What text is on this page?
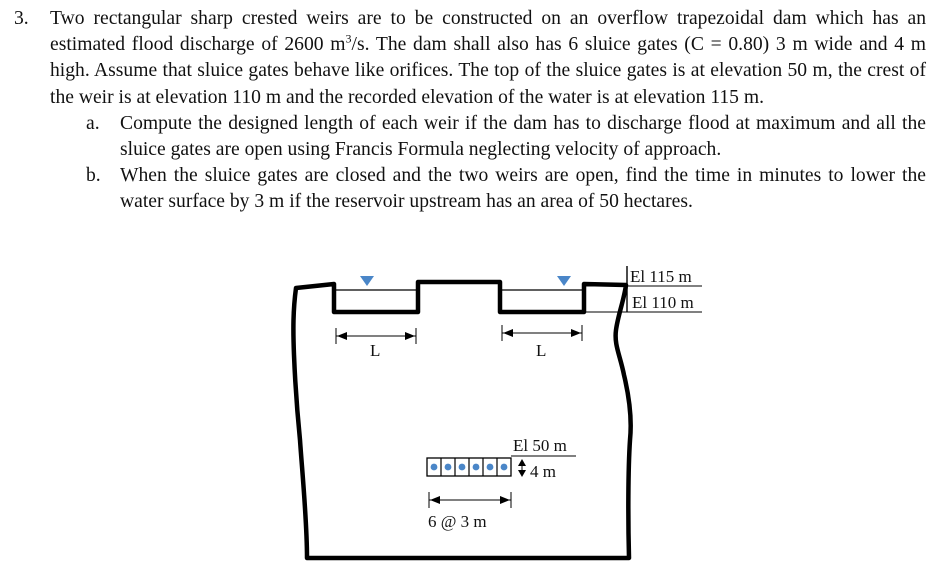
3. Two rectangular sharp crested weirs are to be constructed on an overflow trapezoidal dam which has an estimated flood discharge of 2600 $m^3/s$. The dam shall also has 6 sluice gates (C = 0.80) 3 m wide and 4 m high. Assume that sluice gates behave like orifices. The top of the sluice gates is at elevation 50 m, the crest of the weir is at elevation 110 m and the recorded elevation of the water is at elevation 115 m.
a. Compute the designed length of each weir if the dam has to discharge flood at maximum and all the sluice gates are open using Francis Formula neglecting velocity of approach.
b. When the sluice gates are closed and the two weirs are open, find the time in minutes to lower the water surface by 3 m if the reservoir upstream has an area of 50 hectares.
El 115 m
El 110 m
L	L
El 50 m
4 m
6 @ 3 m
